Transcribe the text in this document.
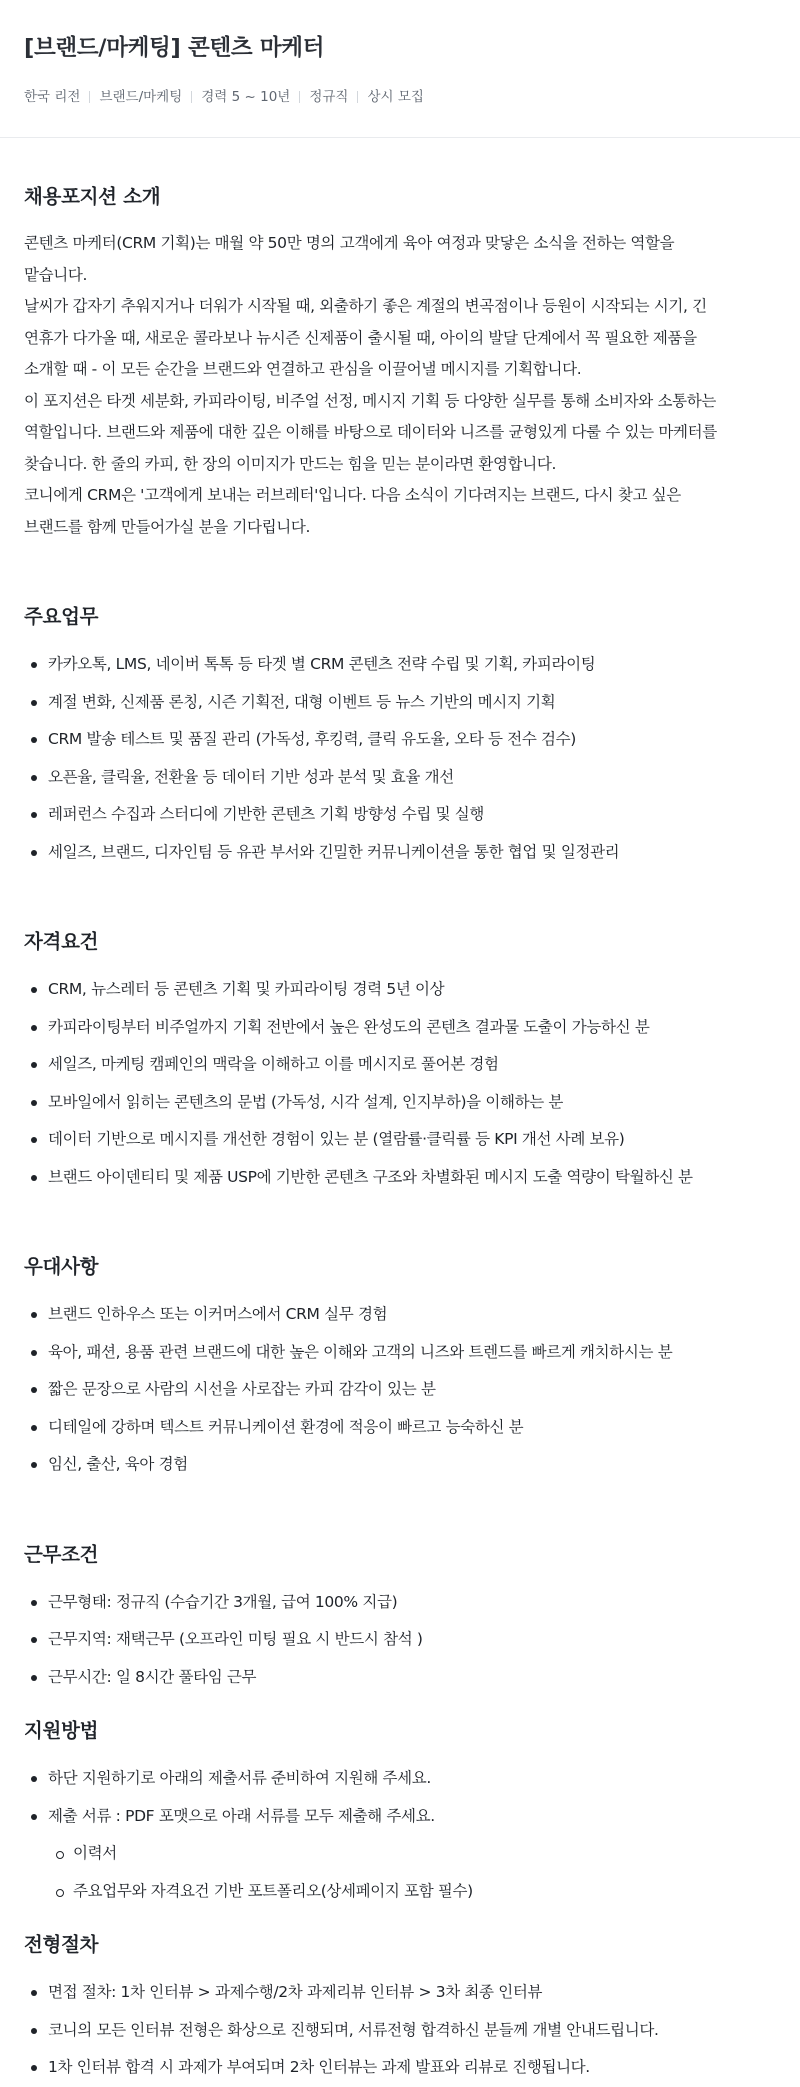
[브랜드/마케팅] 콘텐츠 마케터
한국 리전 브랜드/마케팅 경력 5 ~ 10년 정규직 상시 모집
채용포지션 소개
콘텐츠 마케터(CRM 기획)는 매월 약 50만 명의 고객에게 육아 여정과 맞닿은 소식을 전하는 역할을
맡습니다.
날씨가 갑자기 추워지거나 더워가 시작될 때, 외출하기 좋은 계절의 변곡점이나 등원이 시작되는 시기, 긴
연휴가 다가올 때, 새로운 콜라보나 뉴시즌 신제품이 출시될 때, 아이의 발달 단계에서 꼭 필요한 제품을
소개할 때 - 이 모든 순간을 브랜드와 연결하고 관심을 이끌어낼 메시지를 기획합니다.
이 포지션은 타겟 세분화, 카피라이팅, 비주얼 선정, 메시지 기획 등 다양한 실무를 통해 소비자와 소통하는
역할입니다. 브랜드와 제품에 대한 깊은 이해를 바탕으로 데이터와 니즈를 균형있게 다룰 수 있는 마케터를
찾습니다. 한 줄의 카피, 한 장의 이미지가 만드는 힘을 믿는 분이라면 환영합니다.
코니에게 CRM은 '고객에게 보내는 러브레터'입니다. 다음 소식이 기다려지는 브랜드, 다시 찾고 싶은
브랜드를 함께 만들어가실 분을 기다립니다.
주요업무
카카오톡, LMS, 네이버 톡톡 등 타겟 별 CRM 콘텐츠 전략 수립 및 기획, 카피라이팅
계절 변화, 신제품 론칭, 시즌 기획전, 대형 이벤트 등 뉴스 기반의 메시지 기획
CRM 발송 테스트 및 품질 관리 (가독성, 후킹력, 클릭 유도율, 오타 등 전수 검수)
오픈율, 클릭율, 전환율 등 데이터 기반 성과 분석 및 효율 개선
레퍼런스 수집과 스터디에 기반한 콘텐츠 기획 방향성 수립 및 실행
세일즈, 브랜드, 디자인팀 등 유관 부서와 긴밀한 커뮤니케이션을 통한 협업 및 일정관리
자격요건
CRM, 뉴스레터 등 콘텐츠 기획 및 카피라이팅 경력 5년 이상
카피라이팅부터 비주얼까지 기획 전반에서 높은 완성도의 콘텐츠 결과물 도출이 가능하신 분
세일즈, 마케팅 캠페인의 맥락을 이해하고 이를 메시지로 풀어본 경험
모바일에서 읽히는 콘텐츠의 문법 (가독성, 시각 설계, 인지부하)을 이해하는 분
데이터 기반으로 메시지를 개선한 경험이 있는 분 (열람률·클릭률 등 KPI 개선 사례 보유)
브랜드 아이덴티티 및 제품 USP에 기반한 콘텐츠 구조와 차별화된 메시지 도출 역량이 탁월하신 분
우대사항
브랜드 인하우스 또는 이커머스에서 CRM 실무 경험
육아, 패션, 용품 관련 브랜드에 대한 높은 이해와 고객의 니즈와 트렌드를 빠르게 캐치하시는 분
짧은 문장으로 사람의 시선을 사로잡는 카피 감각이 있는 분
디테일에 강하며 텍스트 커뮤니케이션 환경에 적응이 빠르고 능숙하신 분
임신, 출산, 육아 경험
근무조건
근무형태: 정규직 (수습기간 3개월, 급여 100% 지급)
근무지역: 재택근무 (오프라인 미팅 필요 시 반드시 참석 )
근무시간: 일 8시간 풀타임 근무
지원방법
하단 지원하기로 아래의 제출서류 준비하여 지원해 주세요.
제출 서류 : PDF 포맷으로 아래 서류를 모두 제출해 주세요.
이력서
주요업무와 자격요건 기반 포트폴리오(상세페이지 포함 필수)
전형절차
면접 절차: 1차 인터뷰 > 과제수행/2차 과제리뷰 인터뷰 > 3차 최종 인터뷰
코니의 모든 인터뷰 전형은 화상으로 진행되며, 서류전형 합격하신 분들께 개별 안내드립니다.
1차 인터뷰 합격 시 과제가 부여되며 2차 인터뷰는 과제 발표와 리뷰로 진행됩니다.
